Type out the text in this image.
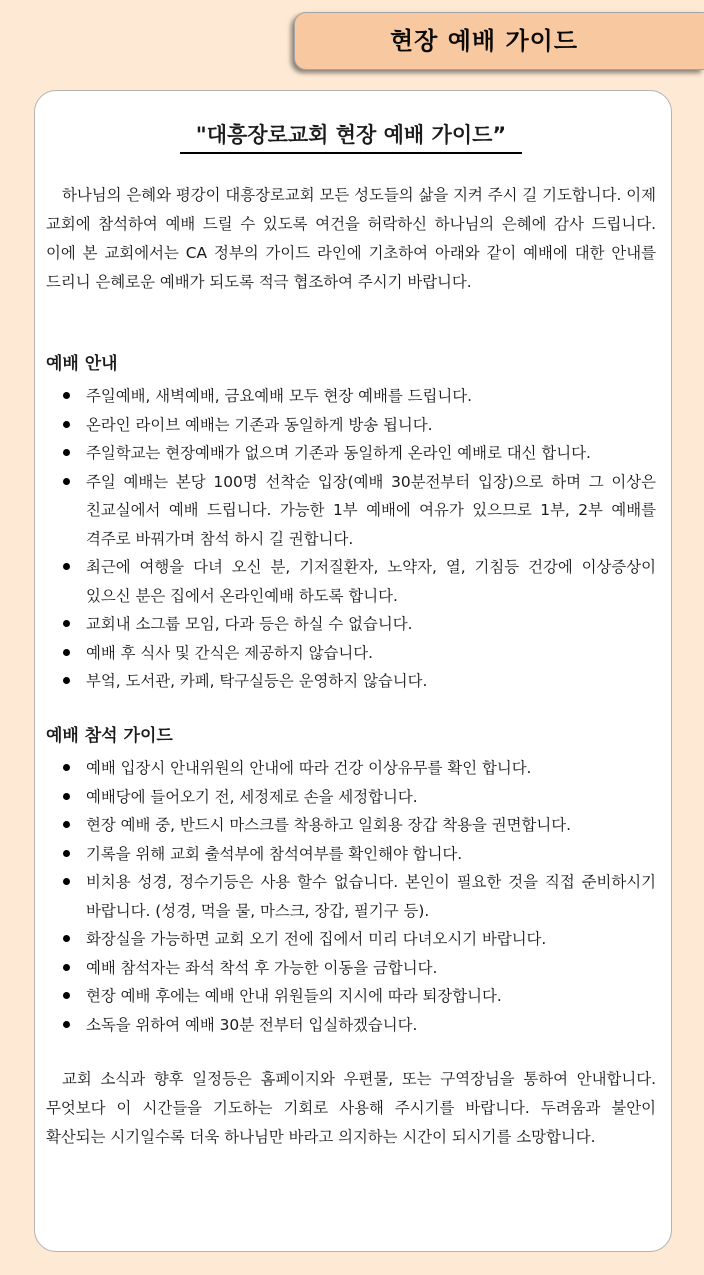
현장 예배 가이드
"대흥장로교회 현장 예배 가이드”

하나님의 은혜와 평강이 대흥장로교회 모든 성도들의 삶을 지켜 주시 길 기도합니다. 이제 교회에 참석하여 예배 드릴 수 있도록 여건을 허락하신 하나님의 은혜에 감사 드립니다. 이에 본 교회에서는 CA 정부의 가이드 라인에 기초하여 아래와 같이 예배에 대한 안내를 드리니 은혜로운 예배가 되도록 적극 협조하여 주시기 바랍니다.

예배 안내
주일예배, 새벽예배, 금요예배 모두 현장 예배를 드립니다.
온라인 라이브 예배는 기존과 동일하게 방송 됩니다.
주일학교는 현장예배가 없으며 기존과 동일하게 온라인 예배로 대신 합니다.
주일 예배는 본당 100명 선착순 입장(예배 30분전부터 입장)으로 하며 그 이상은 친교실에서 예배 드립니다. 가능한 1부 예배에 여유가 있으므로 1부, 2부 예배를 격주로 바꿔가며 참석 하시 길 권합니다.
최근에 여행을 다녀 오신 분, 기저질환자, 노약자, 열, 기침등 건강에 이상증상이 있으신 분은 집에서 온라인예배 하도록 합니다.
교회내 소그룹 모임, 다과 등은 하실 수 없습니다.
예배 후 식사 및 간식은 제공하지 않습니다.
부엌, 도서관, 카페, 탁구실등은 운영하지 않습니다.
예배 참석 가이드
예배 입장시 안내위원의 안내에 따라 건강 이상유무를 확인 합니다.
예배당에 들어오기 전, 세정제로 손을 세정합니다.
현장 예배 중, 반드시 마스크를 착용하고 일회용 장갑 착용을 권면합니다.
기록을 위해 교회 출석부에 참석여부를 확인해야 합니다.
비치용 성경, 정수기등은 사용 할수 없습니다. 본인이 필요한 것을 직접 준비하시기 바랍니다. (성경, 먹을 물, 마스크, 장갑, 필기구 등).
화장실을 가능하면 교회 오기 전에 집에서 미리 다녀오시기 바랍니다.
예배 참석자는 좌석 착석 후 가능한 이동을 금합니다.
현장 예배 후에는 예배 안내 위원들의 지시에 따라 퇴장합니다.
소독을 위하여 예배 30분 전부터 입실하겠습니다.

교회 소식과 향후 일정등은 홈페이지와 우편물, 또는 구역장님을 통하여 안내합니다. 무엇보다 이 시간들을 기도하는 기회로 사용해 주시기를 바랍니다. 두려움과 불안이 확산되는 시기일수록 더욱 하나님만 바라고 의지하는 시간이 되시기를 소망합니다.
